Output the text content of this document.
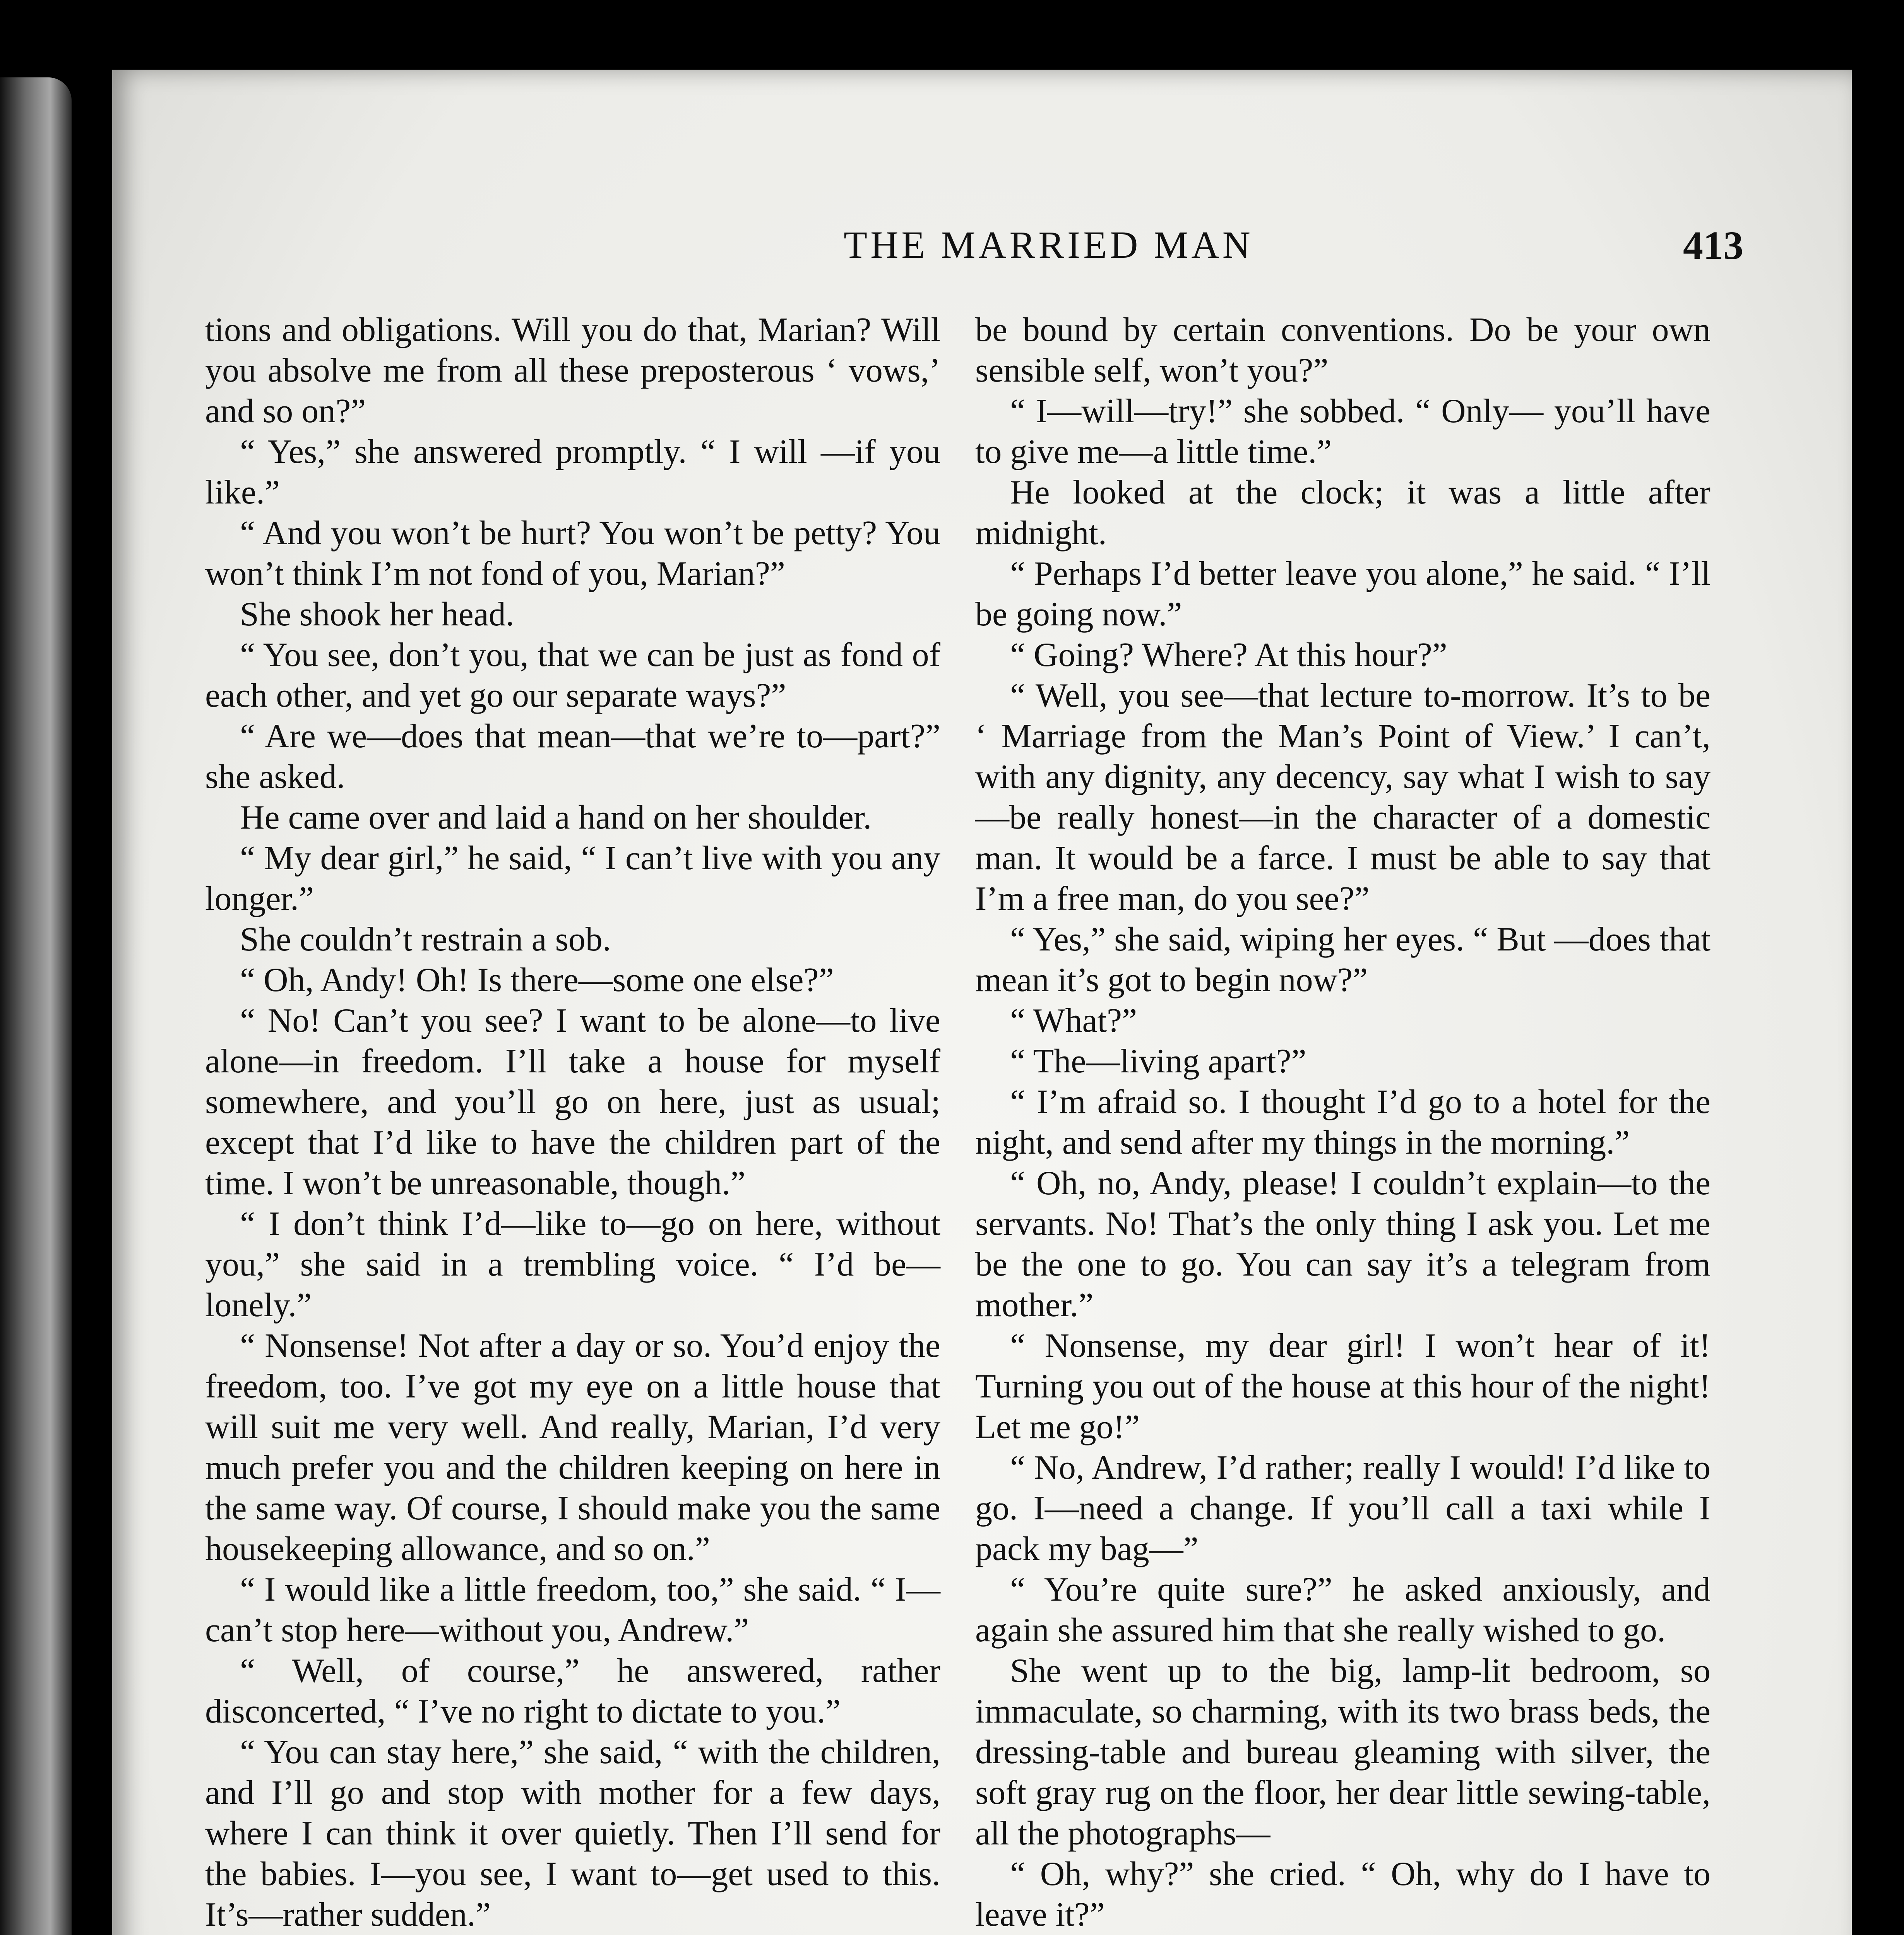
THE MARRIED MAN	413

tions and obligations. Will you do that, Marian? Will you absolve me from all these preposterous ‘ vows,’ and so on?”

“ Yes,” she answered promptly. “ I will —if you like.”

“ And you won’t be hurt? You won’t be petty? You won’t think I’m not fond of you, Marian?”

She shook her head.

“ You see, don’t you, that we can be just as fond of each other, and yet go our separate ways?”

“ Are we—does that mean—that we’re to—part?” she asked.

He came over and laid a hand on her shoulder.

“ My dear girl,” he said, “ I can’t live with you any longer.”

She couldn’t restrain a sob.

“ Oh, Andy! Oh! Is there—some one else?”

“ No! Can’t you see? I want to be alone—to live alone—in freedom. I’ll take a house for myself somewhere, and you’ll go on here, just as usual; except that I’d like to have the children part of the time. I won’t be unreasonable, though.”

“ I don’t think I’d—like to—go on here, without you,” she said in a trembling voice. “ I’d be—lonely.”

“ Nonsense! Not after a day or so. You’d enjoy the freedom, too. I’ve got my eye on a little house that will suit me very well. And really, Marian, I’d very much prefer you and the children keeping on here in the same way. Of course, I should make you the same housekeeping allowance, and so on.”

“ I would like a little freedom, too,” she said. “ I—can’t stop here—without you, Andrew.”

“ Well, of course,” he answered, rather disconcerted, “ I’ve no right to dictate to you.”

“ You can stay here,” she said, “ with the children, and I’ll go and stop with mother for a few days, where I can think it over quietly. Then I’ll send for the babies. I—you see, I want to—get used to this. It’s—rather sudden.”

be bound by certain conventions. Do be your own sensible self, won’t you?”

“ I—will—try!” she sobbed. “ Only— you’ll have to give me—a little time.”

He looked at the clock; it was a little after midnight.

“ Perhaps I’d better leave you alone,” he said. “ I’ll be going now.”

“ Going? Where? At this hour?”

“ Well, you see—that lecture to-morrow. It’s to be ‘ Marriage from the Man’s Point of View.’ I can’t, with any dignity, any decency, say what I wish to say—be really honest—in the character of a domestic man. It would be a farce. I must be able to say that I’m a free man, do you see?”

“ Yes,” she said, wiping her eyes. “ But —does that mean it’s got to begin now?”

“ What?”

“ The—living apart?”

“ I’m afraid so. I thought I’d go to a hotel for the night, and send after my things in the morning.”

“ Oh, no, Andy, please! I couldn’t explain—to the servants. No! That’s the only thing I ask you. Let me be the one to go. You can say it’s a telegram from mother.”

“ Nonsense, my dear girl! I won’t hear of it! Turning you out of the house at this hour of the night! Let me go!”

“ No, Andrew, I’d rather; really I would! I’d like to go. I—need a change. If you’ll call a taxi while I pack my bag—”

“ You’re quite sure?” he asked anxiously, and again she assured him that she really wished to go.

She went up to the big, lamp-lit bedroom, so immaculate, so charming, with its two brass beds, the dressing-table and bureau gleaming with silver, the soft gray rug on the floor, her dear little sewing-table, all the photographs—

“ Oh, why?” she cried. “ Oh, why do I have to leave it?”
